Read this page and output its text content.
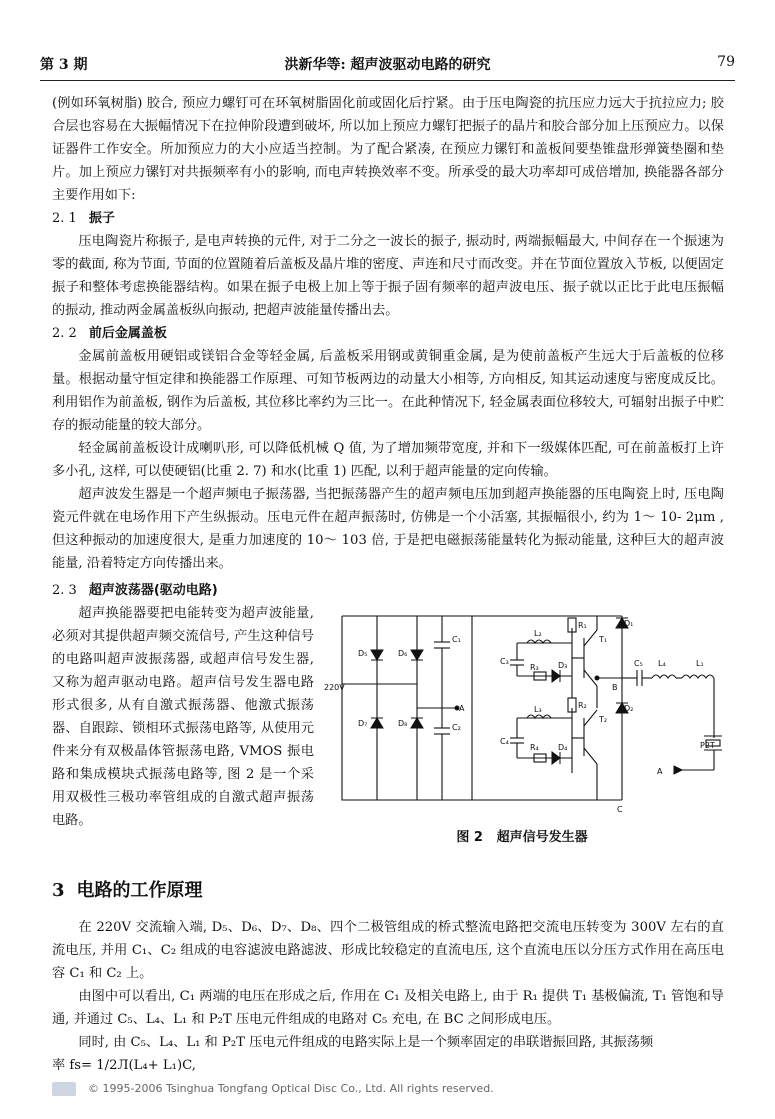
第 3 期	洪新华等: 超声波驱动电路的研究	79

(例如环氧树脂) 胶合, 预应力螺钉可在环氧树脂固化前或固化后拧紧。由于压电陶瓷的抗压应力远大于抗拉应力; 胶合层也容易在大振幅情况下在拉伸阶段遭到破坏, 所以加上预应力螺钉把振子的晶片和胶合部分加上压预应力。以保证器件工作安全。所加预应力的大小应适当控制。为了配合紧凑, 在预应力镙钉和盖板间要垫锥盘形弹簧垫圈和垫片。加上预应力镙钉对共振频率有小的影响, 而电声转换效率不变。所承受的最大功率却可成倍增加, 换能器各部分主要作用如下:

2. 1 振子

压电陶瓷片称振子, 是电声转换的元件, 对于二分之一波长的振子, 振动时, 两端振幅最大, 中间存在一个振速为零的截面, 称为节面, 节面的位置随着后盖板及晶片堆的密度、声连和尺寸而改变。并在节面位置放入节板, 以便固定振子和整体考虑换能器结构。如果在振子电极上加上等于振子固有频率的超声波电压、振子就以正比于此电压振幅的振动, 推动两金属盖板纵向振动, 把超声波能量传播出去。

2. 2 前后金属盖板

金属前盖板用硬铝或镁铝合金等轻金属, 后盖板采用钢或黄铜重金属, 是为使前盖板产生远大于后盖板的位移量。根据动量守恒定律和换能器工作原理、可知节板两边的动量大小相等, 方向相反, 知其运动速度与密度成反比。利用铝作为前盖板, 钢作为后盖板, 其位移比率约为三比一。在此种情况下, 轻金属表面位移较大, 可辐射出振子中贮存的振动能量的较大部分。

轻金属前盖板设计成喇叭形, 可以降低机械 Q 值, 为了增加频带宽度, 并和下一级媒体匹配, 可在前盖板打上许多小孔, 这样, 可以使硬铝(比重 2. 7) 和水(比重 1) 匹配, 以利于超声能量的定向传输。

超声波发生器是一个超声频电子振荡器, 当把振荡器产生的超声频电压加到超声换能器的压电陶瓷上时, 压电陶瓷元件就在电场作用下产生纵振动。压电元件在超声振荡时, 仿佛是一个小活塞, 其振幅很小, 约为 1～ 10- 2μm , 但这种振动的加速度很大, 是重力加速度的 10～ 103 倍, 于是把电磁振荡能量转化为振动能量, 这种巨大的超声波能量, 沿着特定方向传播出来。

2. 3 超声波荡器(驱动电路)

超声换能器要把电能转变为超声波能量, 必须对其提供超声频交流信号, 产生这种信号的电路叫超声波振荡器, 或超声信号发生器, 又称为超声驱动电路。超声信号发生器电路形式很多, 从有自激式振荡器、他激式振荡器、自跟踪、锁相环式振荡电路等, 从使用元件来分有双极晶体管振荡电路, VMOS 振电路和集成模块式振荡电路等, 图 2 是一个采用双极性三极功率管组成的自激式超声振荡电路。

220V
A
A
B
C
C₁
C₂
C₃
C₄
C₅
D₁
D₂
D₃
D₄
D₅	D₆
D₇	D₈
L₁
L₂
L₃
L₄
R₁
R₂
R₃
R₄
T₁
T₂
P2T
图 2 超声信号发生器
3 电路的工作原理

在 220V 交流输入端, D₅、D₆、D₇、D₈、四个二极管组成的桥式整流电路把交流电压转变为 300V 左右的直流电压, 并用 C₁、C₂ 组成的电容滤波电路滤波、形成比较稳定的直流电压, 这个直流电压以分压方式作用在高压电容 C₁ 和 C₂ 上。

由图中可以看出, C₁ 两端的电压在形成之后, 作用在 C₁ 及相关电路上, 由于 R₁ 提供 T₁ 基极偏流, T₁ 管饱和导通, 并通过 C₅、L₄、L₁ 和 P₂T 压电元件组成的电路对 C₅ 充电, 在 BC 之间形成电压。

同时, 由 C₅、L₄、L₁ 和 P₂T 压电元件组成的电路实际上是一个频率固定的串联谐振回路, 其振荡频

率 fs= 1/2Л(L₄+ L₁)C,

© 1995-2006 Tsinghua Tongfang Optical Disc Co., Ltd. All rights reserved.
